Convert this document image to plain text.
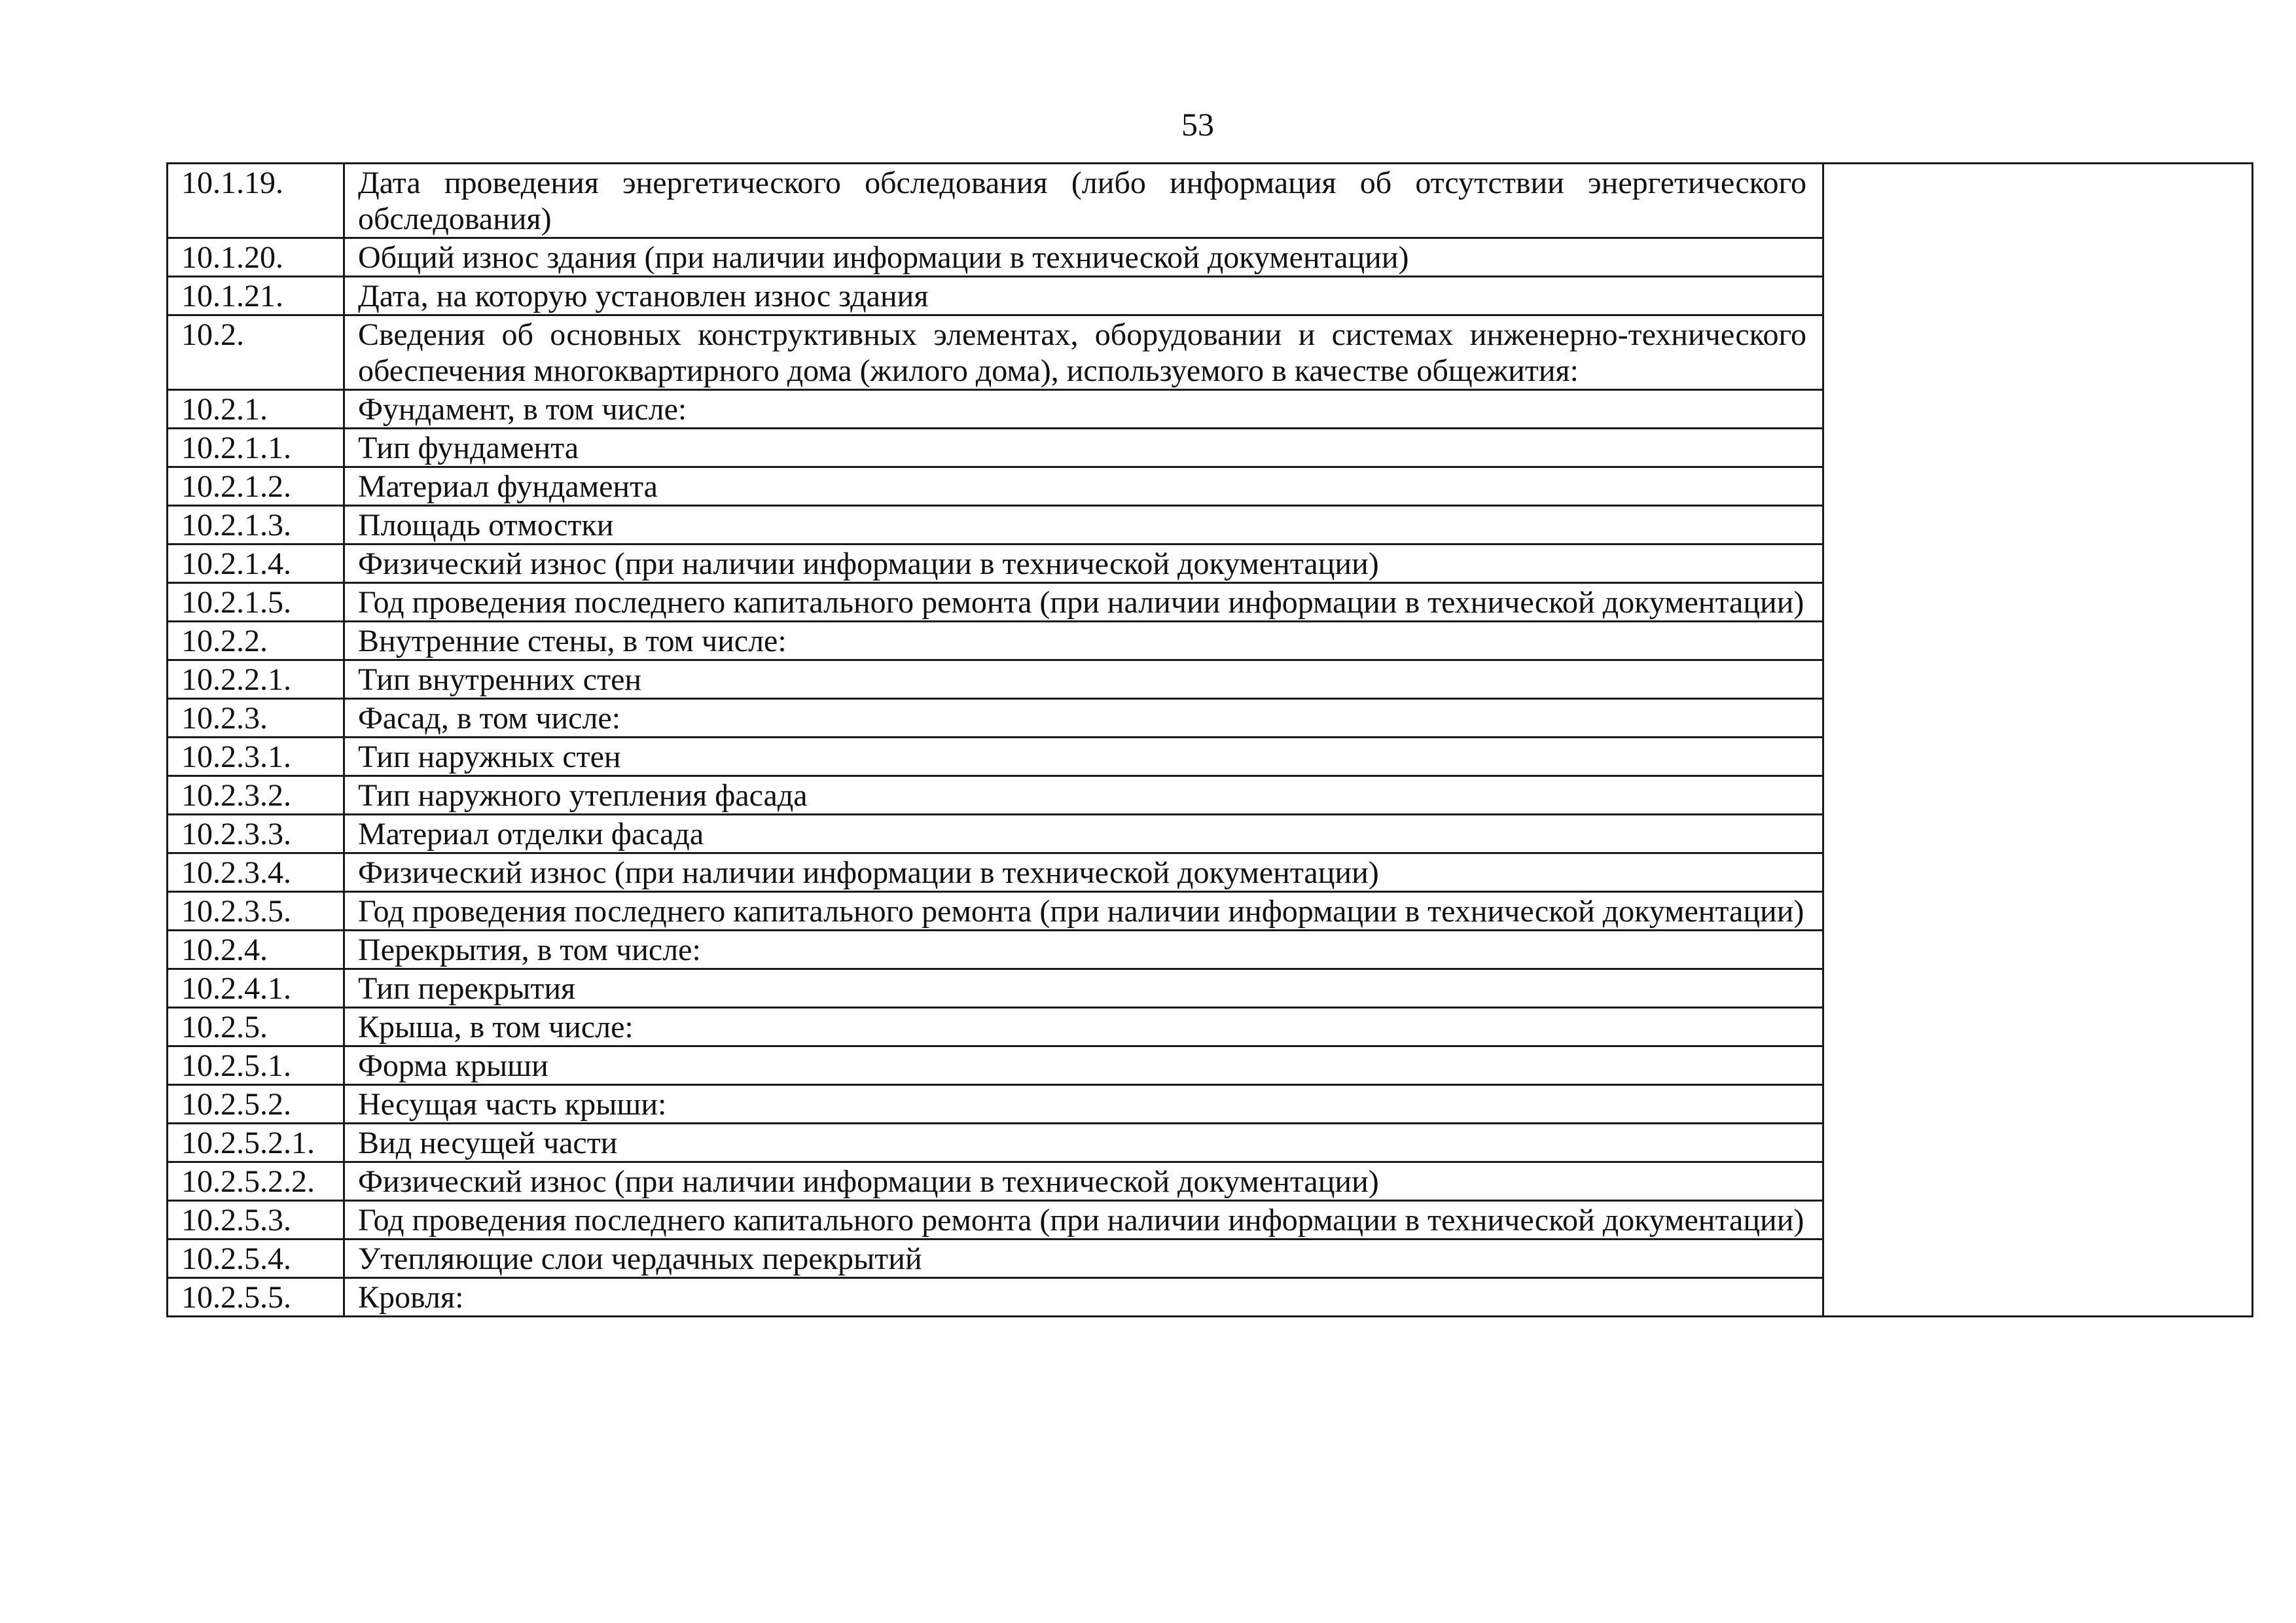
53
10.1.19.	Дата проведения энергетического обследования (либо информация об отсутствии энергетического обследования)	
10.1.20.	Общий износ здания (при наличии информации в технической документации)	
10.1.21.	Дата, на которую установлен износ здания	
10.2.	Сведения об основных конструктивных элементах, оборудовании и системах инженерно-технического обеспечения многоквартирного дома (жилого дома), используемого в качестве общежития:	
10.2.1.	Фундамент, в том числе:	
10.2.1.1.	Тип фундамента	
10.2.1.2.	Материал фундамента	
10.2.1.3.	Площадь отмостки	
10.2.1.4.	Физический износ (при наличии информации в технической документации)	
10.2.1.5.	Год проведения последнего капитального ремонта (при наличии информации в технической документации)	
10.2.2.	Внутренние стены, в том числе:	
10.2.2.1.	Тип внутренних стен	
10.2.3.	Фасад, в том числе:	
10.2.3.1.	Тип наружных стен	
10.2.3.2.	Тип наружного утепления фасада	
10.2.3.3.	Материал отделки фасада	
10.2.3.4.	Физический износ (при наличии информации в технической документации)	
10.2.3.5.	Год проведения последнего капитального ремонта (при наличии информации в технической документации)	
10.2.4.	Перекрытия, в том числе:	
10.2.4.1.	Тип перекрытия	
10.2.5.	Крыша, в том числе:	
10.2.5.1.	Форма крыши	
10.2.5.2.	Несущая часть крыши:	
10.2.5.2.1.	Вид несущей части	
10.2.5.2.2.	Физический износ (при наличии информации в технической документации)	
10.2.5.3.	Год проведения последнего капитального ремонта (при наличии информации в технической документации)	
10.2.5.4.	Утепляющие слои чердачных перекрытий	
10.2.5.5.	Кровля:	
